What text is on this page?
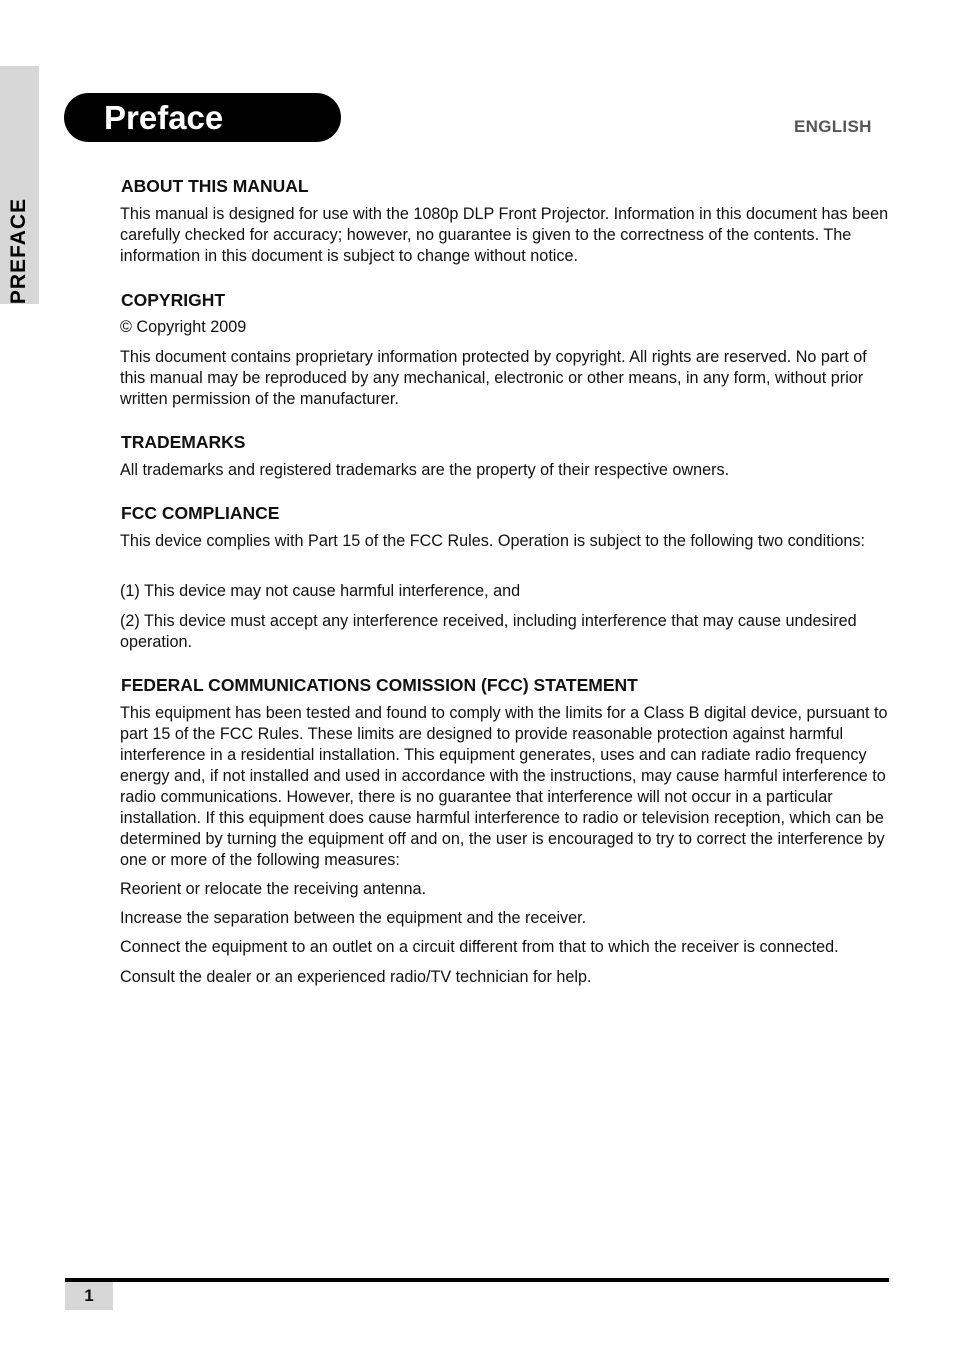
PREFACE
Preface	ENGLISH
ABOUT THIS MANUAL
This manual is designed for use with the 1080p DLP Front Projector. Information in this document has been carefully checked for accuracy; however, no guarantee is given to the correctness of the contents. The information in this document is subject to change without notice.
COPYRIGHT
© Copyright 2009
This document contains proprietary information protected by copyright. All rights are reserved. No part of this manual may be reproduced by any mechanical, electronic or other means, in any form, without prior written permission of the manufacturer.
TRADEMARKS
All trademarks and registered trademarks are the property of their respective owners.
FCC COMPLIANCE
This device complies with Part 15 of the FCC Rules. Operation is subject to the following two conditions:
(1) This device may not cause harmful interference, and
(2) This device must accept any interference received, including interference that may cause undesired operation.
FEDERAL COMMUNICATIONS COMISSION (FCC) STATEMENT
This equipment has been tested and found to comply with the limits for a Class B digital device, pursuant to part 15 of the FCC Rules. These limits are designed to provide reasonable protection against harmful interference in a residential installation. This equipment generates, uses and can radiate radio frequency energy and, if not installed and used in accordance with the instructions, may cause harmful interference to radio communications. However, there is no guarantee that interference will not occur in a particular installation. If this equipment does cause harmful interference to radio or television reception, which can be determined by turning the equipment off and on, the user is encouraged to try to correct the interference by one or more of the following measures:
Reorient or relocate the receiving antenna.
Increase the separation between the equipment and the receiver.
Connect the equipment to an outlet on a circuit different from that to which the receiver is connected.
Consult the dealer or an experienced radio/TV technician for help.
1
